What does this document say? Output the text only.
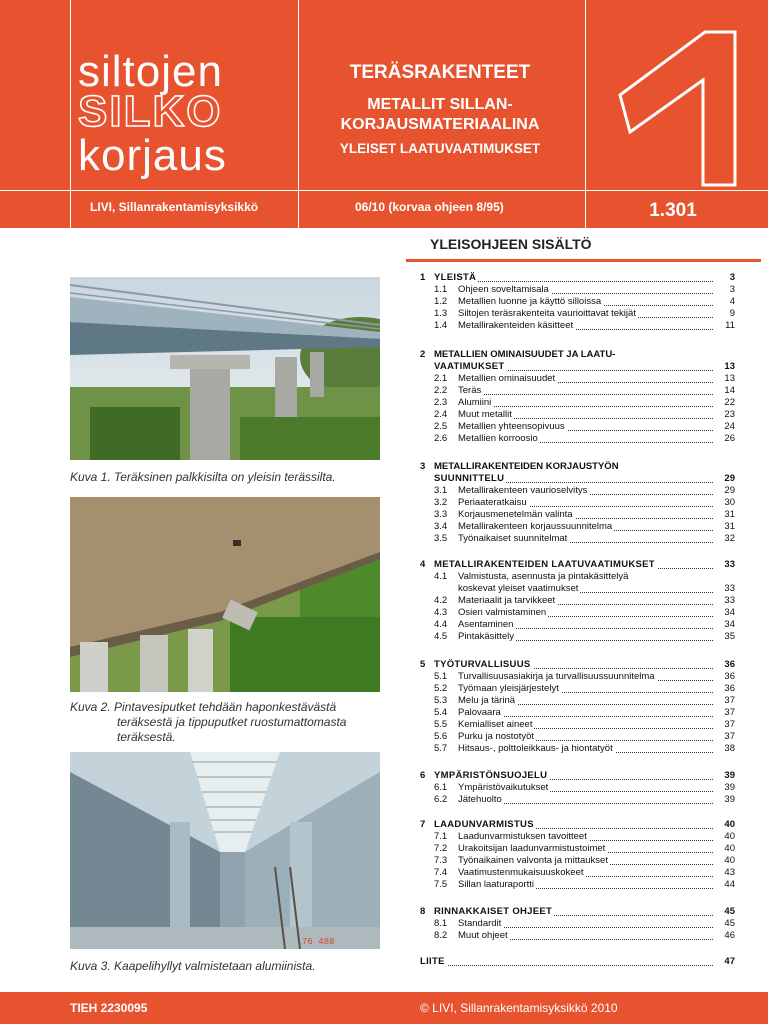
siltojen
SILKO
korjaus
TERÄSRAKENTEET
METALLIT SILLAN-
KORJAUSMATERIAALINA
YLEISET LAATUVAATIMUKSET
LIVI, Sillanrakentamisyksikkö	06/10 (korvaa ohjeen 8/95)	1.301
YLEISOHJEEN SISÄLTÖ
Kuva 1. Teräksinen palkkisilta on yleisin terässilta.
Kuva 2. Pintavesiputket tehdään haponkestävästä
teräksestä ja tippuputket ruostumattomasta
teräksestä.
76 488
Kuva 3. Kaapelihyllyt valmistetaan alumiinista.
1 YLEISTÄ	3
1.1 Ohjeen soveltamisala	3
1.2 Metallien luonne ja käyttö silloissa	4
1.3 Siltojen teräsrakenteita vaurioittavat tekijät	9
1.4 Metallirakenteiden käsitteet	11
2 METALLIEN OMINAISUUDET JA LAATU-
VAATIMUKSET	13
2.1 Metallien ominaisuudet	13
2.2 Teräs	14
2.3 Alumiini	22
2.4 Muut metallit	23
2.5 Metallien yhteensopivuus	24
2.6 Metallien korroosio	26
3 METALLIRAKENTEIDEN KORJAUSTYÖN
SUUNNITTELU	29
3.1 Metallirakenteen vaurioselvitys	29
3.2 Periaateratkaisu	30
3.3 Korjausmenetelmän valinta	31
3.4 Metallirakenteen korjaussuunnitelma	31
3.5 Työnaikaiset suunnitelmat	32
4 METALLIRAKENTEIDEN LAATUVAATIMUKSET	33
4.1 Valmistusta, asennusta ja pintakäsittelyä
koskevat yleiset vaatimukset	33
4.2 Materiaalit ja tarvikkeet	33
4.3 Osien valmistaminen	34
4.4 Asentaminen	34
4.5 Pintakäsittely	35
5 TYÖTURVALLISUUS	36
5.1 Turvallisuusasiakirja ja turvallisuussuunnitelma	36
5.2 Työmaan yleisjärjestelyt	36
5.3 Melu ja tärinä	37
5.4 Palovaara	37
5.5 Kemialliset aineet	37
5.6 Purku ja nostotyöt	37
5.7 Hitsaus-, polttoleikkaus- ja hiontatyöt	38
6 YMPÄRISTÖNSUOJELU	39
6.1 Ympäristövaikutukset	39
6.2 Jätehuolto	39
7 LAADUNVARMISTUS	40
7.1 Laadunvarmistuksen tavoitteet	40
7.2 Urakoitsijan laadunvarmistustoimet	40
7.3 Työnaikainen valvonta ja mittaukset	40
7.4 Vaatimustenmukaisuuskokeet	43
7.5 Sillan laaturaportti	44
8 RINNAKKAISET OHJEET	45
8.1 Standardit	45
8.2 Muut ohjeet	46
LIITE	47
TIEH 2230095	© LIVI, Sillanrakentamisyksikkö 2010
